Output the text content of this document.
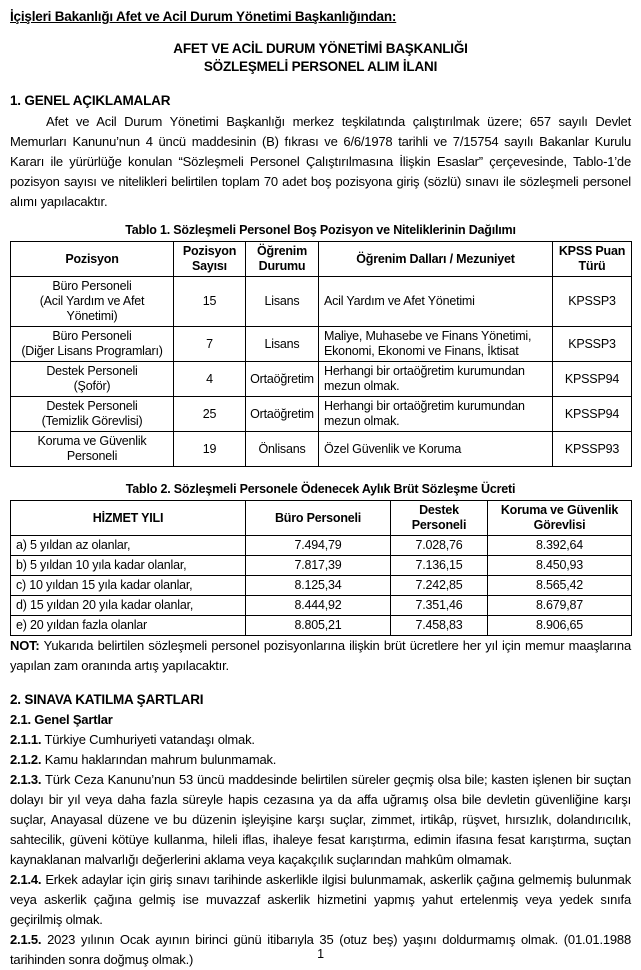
İçişleri Bakanlığı Afet ve Acil Durum Yönetimi Başkanlığından:
AFET VE ACİL DURUM YÖNETİMİ BAŞKANLIĞI
SÖZLEŞMELİ PERSONEL ALIM İLANI
1. GENEL AÇIKLAMALAR

Afet ve Acil Durum Yönetimi Başkanlığı merkez teşkilatında çalıştırılmak üzere; 657 sayılı Devlet Memurları Kanunu’nun 4 üncü maddesinin (B) fıkrası ve 6/6/1978 tarihli ve 7/15754 sayılı Bakanlar Kurulu Kararı ile yürürlüğe konulan “Sözleşmeli Personel Çalıştırılmasına İlişkin Esaslar” çerçevesinde, Tablo-1’de pozisyon sayısı ve nitelikleri belirtilen toplam 70 adet boş pozisyona giriş (sözlü) sınavı ile sözleşmeli personel alımı yapılacaktır.

Tablo 1. Sözleşmeli Personel Boş Pozisyon ve Niteliklerinin Dağılımı
Pozisyon	Pozisyon Sayısı	Öğrenim Durumu	Öğrenim Dalları / Mezuniyet	KPSS Puan Türü

Büro Personeli
(Acil Yardım ve Afet Yönetimi)	15	Lisans	Acil Yardım ve Afet Yönetimi	KPSSP3

Büro Personeli
(Diğer Lisans Programları)	7	Lisans	Maliye, Muhasebe ve Finans Yönetimi, Ekonomi, Ekonomi ve Finans, İktisat	KPSSP3

Destek Personeli
(Şoför)	4	Ortaöğretim	Herhangi bir ortaöğretim kurumundan mezun olmak.	KPSSP94

Destek Personeli
(Temizlik Görevlisi)	25	Ortaöğretim	Herhangi bir ortaöğretim kurumundan mezun olmak.	KPSSP94

Koruma ve Güvenlik Personeli	19	Önlisans	Özel Güvenlik ve Koruma	KPSSP93
Tablo 2. Sözleşmeli Personele Ödenecek Aylık Brüt Sözleşme Ücreti
HİZMET YILI	Büro Personeli	Destek Personeli	Koruma ve Güvenlik Görevlisi
a) 5 yıldan az olanlar,	7.494,79	7.028,76	8.392,64
b) 5 yıldan 10 yıla kadar olanlar,	7.817,39	7.136,15	8.450,93
c) 10 yıldan 15 yıla kadar olanlar,	8.125,34	7.242,85	8.565,42
d) 15 yıldan 20 yıla kadar olanlar,	8.444,92	7.351,46	8.679,87
e) 20 yıldan fazla olanlar	8.805,21	7.458,83	8.906,65

NOT: Yukarıda belirtilen sözleşmeli personel pozisyonlarına ilişkin brüt ücretlere her yıl için memur maaşlarına yapılan zam oranında artış yapılacaktır.

2. SINAVA KATILMA ŞARTLARI

2.1. Genel Şartlar

2.1.1. Türkiye Cumhuriyeti vatandaşı olmak.

2.1.2. Kamu haklarından mahrum bulunmamak.

2.1.3. Türk Ceza Kanunu’nun 53 üncü maddesinde belirtilen süreler geçmiş olsa bile; kasten işlenen bir suçtan dolayı bir yıl veya daha fazla süreyle hapis cezasına ya da affa uğramış olsa bile devletin güvenliğine karşı suçlar, Anayasal düzene ve bu düzenin işleyişine karşı suçlar, zimmet, irtikâp, rüşvet, hırsızlık, dolandırıcılık, sahtecilik, güveni kötüye kullanma, hileli iflas, ihaleye fesat karıştırma, edimin ifasına fesat karıştırma, suçtan kaynaklanan malvarlığı değerlerini aklama veya kaçakçılık suçlarından mahkûm olmamak.

2.1.4. Erkek adaylar için giriş sınavı tarihinde askerlikle ilgisi bulunmamak, askerlik çağına gelmemiş bulunmak veya askerlik çağına gelmiş ise muvazzaf askerlik hizmetini yapmış yahut ertelenmiş veya yedek sınıfa geçirilmiş olmak.

2.1.5. 2023 yılının Ocak ayının birinci günü itibarıyla 35 (otuz beş) yaşını doldurmamış olmak. (01.01.1988 tarihinden sonra doğmuş olmak.)	1
